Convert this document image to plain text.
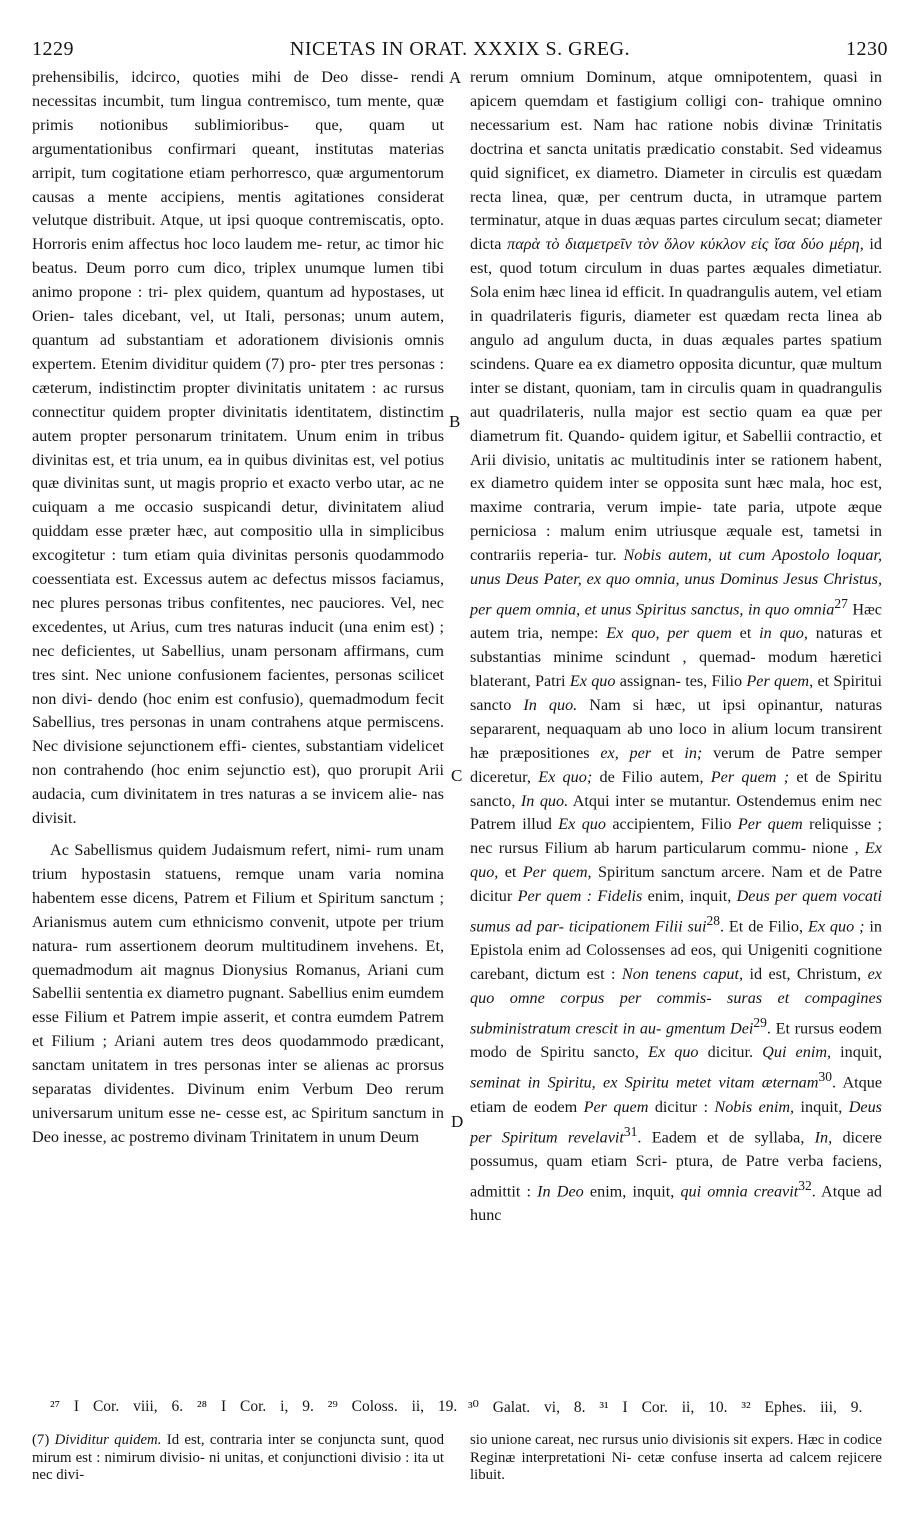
1229	NICETAS IN ORAT. XXXIX S. GREG.	1230
A
B
C
D

prehensibilis, idcirco, quoties mihi de Deo disse- rendi necessitas incumbit, tum lingua contremisco, tum mente, quæ primis notionibus sublimioribus- que, quam ut argumentationibus confirmari queant, institutas materias arripit, tum cogitatione etiam perhorresco, quæ argumentorum causas a mente accipiens, mentis agitationes considerat velutque distribuit. Atque, ut ipsi quoque contremiscatis, opto. Horroris enim affectus hoc loco laudem me- retur, ac timor hic beatus. Deum porro cum dico, triplex unumque lumen tibi animo propone : tri- plex quidem, quantum ad hypostases, ut Orien- tales dicebant, vel, ut Itali, personas; unum autem, quantum ad substantiam et adorationem divisionis omnis expertem. Etenim dividitur quidem (7) pro- pter tres personas : cæterum, indistinctim propter divinitatis unitatem : ac rursus connectitur quidem propter divinitatis identitatem, distinctim autem propter personarum trinitatem. Unum enim in tribus divinitas est, et tria unum, ea in quibus divinitas est, vel potius quæ divinitas sunt, ut magis proprio et exacto verbo utar, ac ne cuiquam a me occasio suspicandi detur, divinitatem aliud quiddam esse præter hæc, aut compositio ulla in simplicibus excogitetur : tum etiam quia divinitas personis quodammodo coessentiata est. Excessus autem ac defectus missos faciamus, nec plures personas tribus confitentes, nec pauciores. Vel, nec excedentes, ut Arius, cum tres naturas inducit (una enim est) ; nec deficientes, ut Sabellius, unam personam affirmans, cum tres sint. Nec unione confusionem facientes, personas scilicet non divi- dendo (hoc enim est confusio), quemadmodum fecit Sabellius, tres personas in unam contrahens atque permiscens. Nec divisione sejunctionem effi- cientes, substantiam videlicet non contrahendo (hoc enim sejunctio est), quo prorupit Arii audacia, cum divinitatem in tres naturas a se invicem alie- nas divisit.

Ac Sabellismus quidem Judaismum refert, nimi- rum unam trium hypostasin statuens, remque unam varia nomina habentem esse dicens, Patrem et Filium et Spiritum sanctum ; Arianismus autem cum ethnicismo convenit, utpote per trium natura- rum assertionem deorum multitudinem invehens. Et, quemadmodum ait magnus Dionysius Romanus, Ariani cum Sabellii sententia ex diametro pugnant. Sabellius enim eumdem esse Filium et Patrem impie asserit, et contra eumdem Patrem et Filium ; Ariani autem tres deos quodammodo prædicant, sanctam unitatem in tres personas inter se alienas ac prorsus separatas dividentes. Divinum enim Verbum Deo rerum universarum unitum esse ne- cesse est, ac Spiritum sanctum in Deo inesse, ac postremo divinam Trinitatem in unum Deum

rerum omnium Dominum, atque omnipotentem, quasi in apicem quemdam et fastigium colligi con- trahique omnino necessarium est. Nam hac ratione nobis divinæ Trinitatis doctrina et sancta unitatis prædicatio constabit. Sed videamus quid significet, ex diametro. Diameter in circulis est quædam recta linea, quæ, per centrum ducta, in utramque partem terminatur, atque in duas æquas partes circulum secat; diameter dicta παρὰ τὸ διαμετρεῖν τὸν ὅλον κύκλον εἰς ἴσα δύο μέρη, id est, quod totum circulum in duas partes æquales dimetiatur. Sola enim hæc linea id efficit. In quadrangulis autem, vel etiam in quadrilateris figuris, diameter est quædam recta linea ab angulo ad angulum ducta, in duas æquales partes spatium scindens. Quare ea ex diametro opposita dicuntur, quæ multum inter se distant, quoniam, tam in circulis quam in quadrangulis aut quadrilateris, nulla major est sectio quam ea quæ per diametrum fit. Quando- quidem igitur, et Sabellii contractio, et Arii divisio, unitatis ac multitudinis inter se rationem habent, ex diametro quidem inter se opposita sunt hæc mala, hoc est, maxime contraria, verum impie- tate paria, utpote æque perniciosa : malum enim utriusque æquale est, tametsi in contrariis reperia- tur. Nobis autem, ut cum Apostolo loquar, unus Deus Pater, ex quo omnia, unus Dominus Jesus Christus, per quem omnia, et unus Spiritus sanctus, in quo omnia$^{27}$ Hæc autem tria, nempe: Ex quo, per quem et in quo, naturas et substantias minime scindunt , quemad- modum hæretici blaterant, Patri Ex quo assignan- tes, Filio Per quem, et Spiritui sancto In quo. Nam si hæc, ut ipsi opinantur, naturas separarent, nequaquam ab uno loco in alium locum transirent hæ præpositiones ex, per et in; verum de Patre semper diceretur, Ex quo; de Filio autem, Per quem ; et de Spiritu sancto, In quo. Atqui inter se mutantur. Ostendemus enim nec Patrem illud Ex quo accipientem, Filio Per quem reliquisse ; nec rursus Filium ab harum particularum commu- nione , Ex quo, et Per quem, Spiritum sanctum arcere. Nam et de Patre dicitur Per quem : Fidelis enim, inquit, Deus per quem vocati sumus ad par- ticipationem Filii sui$^{28}$. Et de Filio, Ex quo ; in Epistola enim ad Colossenses ad eos, qui Unigeniti cognitione carebant, dictum est : Non tenens caput, id est, Christum, ex quo omne corpus per commis- suras et compagines subministratum crescit in au- gmentum Dei$^{29}$. Et rursus eodem modo de Spiritu sancto, Ex quo dicitur. Qui enim, inquit, seminat in Spiritu, ex Spiritu metet vitam æternam$^{30}$. Atque etiam de eodem Per quem dicitur : Nobis enim, inquit, Deus per Spiritum revelavit$^{31}$. Eadem et de syllaba, In, dicere possumus, quam etiam Scri- ptura, de Patre verba faciens, admittit : In Deo enim, inquit, qui omnia creavit$^{32}$. Atque ad hunc

²⁷ I Cor. viii, 6. ²⁸ I Cor. i, 9. ²⁹ Coloss. ii, 19. ³⁰ Galat. vi, 8. ³¹ I Cor. ii, 10. ³² Ephes. iii, 9.
(7) Dividitur quidem. Id est, contraria inter se conjuncta sunt, quod mirum est : nimirum divisio- ni unitas, et conjunctioni divisio : ita ut nec divi-
sio unione careat, nec rursus unio divisionis sit expers. Hæc in codice Reginæ interpretationi Ni- cetæ confuse inserta ad calcem rejicere libuit.
